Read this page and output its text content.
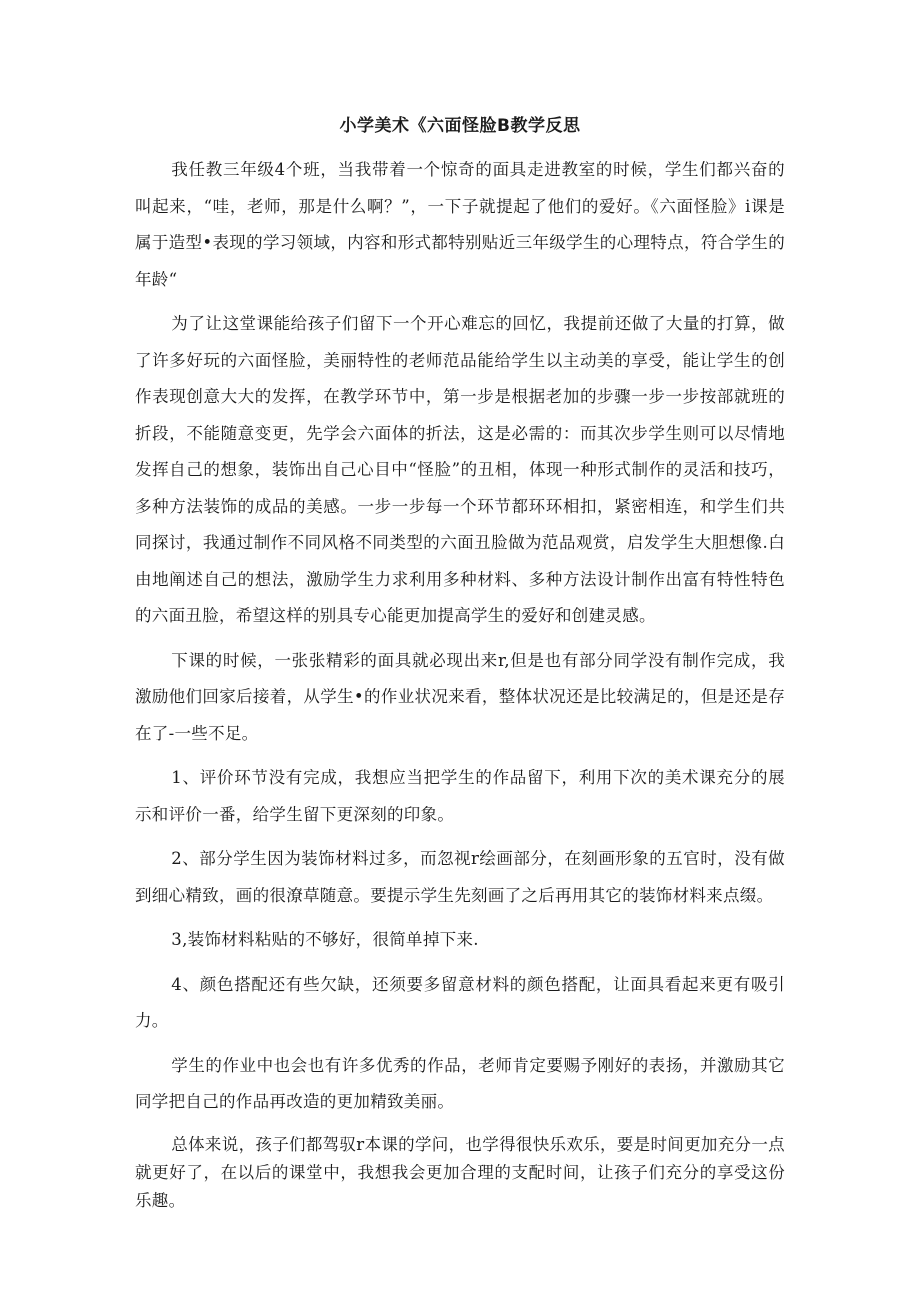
小学美术《六面怪脸B教学反思

我任教三年级4个班，当我带着一个惊奇的面具走进教室的时候，学生们都兴奋的叫起来，“哇，老师，那是什么啊？”，一下子就提起了他们的爱好。《六面怪脸》i课是属于造型•表现的学习领域，内容和形式都特别贴近三年级学生的心理特点，符合学生的年龄“

为了让这堂课能给孩子们留下一个开心难忘的回忆，我提前还做了大量的打算，做了许多好玩的六面怪脸，美丽特性的老师范品能给学生以主动美的享受，能让学生的创作表现创意大大的发挥，在教学环节中，第一步是根据老加的步骤一步一步按部就班的折段，不能随意变更，先学会六面体的折法，这是必需的：而其次步学生则可以尽情地发挥自己的想象，装饰出自己心目中“怪脸”的丑相，体现一种形式制作的灵活和技巧，多种方法装饰的成品的美感。一步一步每一个环节都环环相扣，紧密相连，和学生们共同探讨，我通过制作不同风格不同类型的六面丑脸做为范品观赏，启发学生大胆想像.白由地阐述自己的想法，激励学生力求利用多种材料、多种方法设计制作出富有特性特色的六面丑脸，希望这样的别具专心能更加提高学生的爱好和创建灵感。

下课的时候，一张张精彩的面具就必现出来r,但是也有部分同学没有制作完成，我激励他们回家后接着，从学生•的作业状况来看，整体状况还是比较满足的，但是还是存在了-一些不足。

1、评价环节没有完成，我想应当把学生的作品留下，利用下次的美术课充分的展示和评价一番，给学生留下更深刻的印象。

2、部分学生因为装饰材料过多，而忽视r绘画部分，在刻画形象的五官时，没有做到细心精致，画的很潦草随意。要提示学生先刻画了之后再用其它的装饰材料来点缀。

3,装饰材料粘贴的不够好，很简单掉下来.

4、颜色搭配还有些欠缺，还须要多留意材料的颜色搭配，让面具看起来更有吸引力。

学生的作业中也会也有许多优秀的作品，老师肯定要赐予刚好的表扬，并激励其它同学把自己的作品再改造的更加精致美丽。

总体来说，孩子们都驾驭r本课的学问，也学得很快乐欢乐，要是时间更加充分一点就更好了，在以后的课堂中，我想我会更加合理的支配时间，让孩子们充分的享受这份乐趣。
